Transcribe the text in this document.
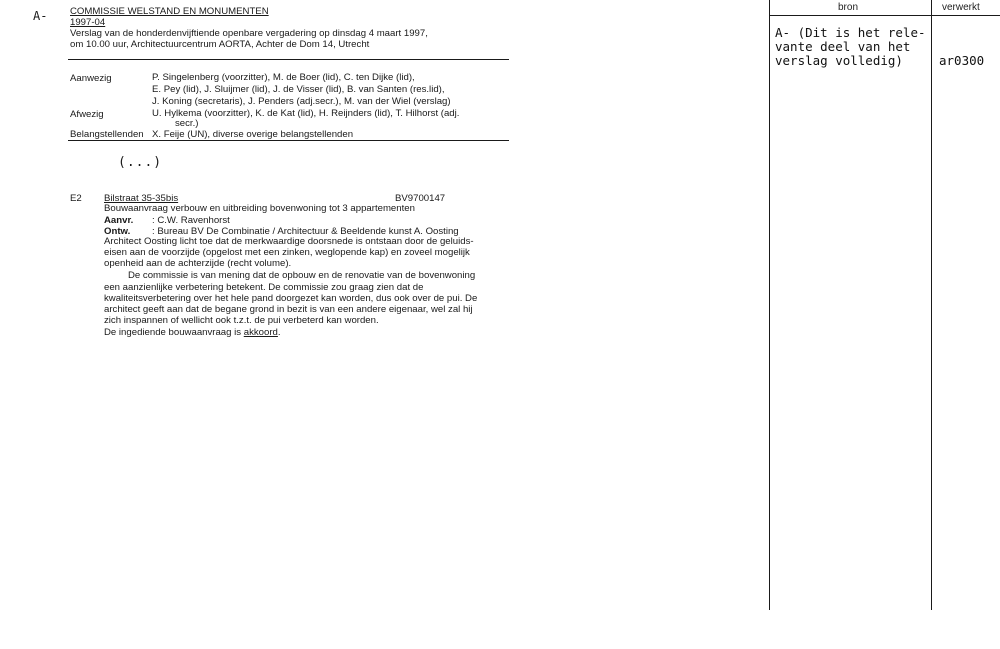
A- COMMISSIE WELSTAND EN MONUMENTEN
1997-04
Verslag van de honderdenvijftiende openbare vergadering op dinsdag 4 maart 1997,
om 10.00 uur, Architectuurcentrum AORTA, Achter de Dom 14, Utrecht
Aanwezig	P. Singelenberg (voorzitter), M. de Boer (lid), C. ten Dijke (lid),
E. Pey (lid), J. Sluijmer (lid), J. de Visser (lid), B. van Santen (res.lid),
J. Koning (secretaris), J. Penders (adj.secr.), M. van der Wiel (verslag)
Afwezig	U. Hylkema (voorzitter), K. de Kat (lid), H. Reijnders (lid), T. Hilhorst (adj.
secr.)
Belangstellenden X. Feije (UN), diverse overige belangstellenden
(...)
E2 Bilstraat 35-35bis	BV9700147
Bouwaanvraag verbouw en uitbreiding bovenwoning tot 3 appartementen
Aanvr. : C.W. Ravenhorst
Ontw. : Bureau BV De Combinatie / Architectuur & Beeldende kunst A. Oosting
Architect Oosting licht toe dat de merkwaardige doorsnede is ontstaan door de geluids-
eisen aan de voorzijde (opgelost met een zinken, weglopende kap) en zoveel mogelijk
openheid aan de achterzijde (recht volume).
De commissie is van mening dat de opbouw en de renovatie van de bovenwoning
een aanzienlijke verbetering betekent. De commissie zou graag zien dat de
kwaliteitsverbetering over het hele pand doorgezet kan worden, dus ook over de pui. De
architect geeft aan dat de begane grond in bezit is van een andere eigenaar, wel zal hij
zich inspannen of wellicht ook t.z.t. de pui verbeterd kan worden.
De ingediende bouwaanvraag is akkoord.
bron	verwerkt
A- (Dit is het rele-
vante deel van het
verslag volledig)	ar0300
